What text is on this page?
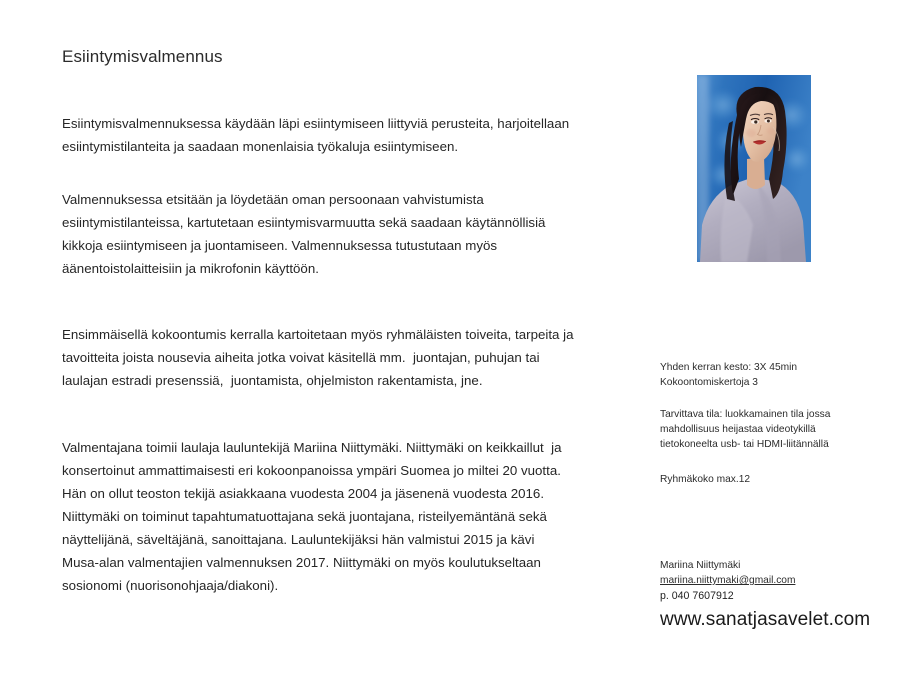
Esiintymisvalmennus
Esiintymisvalmennuksessa käydään läpi esiintymiseen liittyviä perusteita, harjoitellaan
esiintymistilanteita ja saadaan monenlaisia työkaluja esiintymiseen.
Valmennuksessa etsitään ja löydetään oman persoonaan vahvistumista
esiintymistilanteissa, kartutetaan esiintymisvarmuutta sekä saadaan käytännöllisiä
kikkoja esiintymiseen ja juontamiseen. Valmennuksessa tutustutaan myös
äänentoistolaitteisiin ja mikrofonin käyttöön.
Ensimmäisellä kokoontumis kerralla kartoitetaan myös ryhmäläisten toiveita, tarpeita ja
tavoitteita joista nousevia aiheita jotka voivat käsitellä mm.  juontajan, puhujan tai
laulajan estradi presenssiä,  juontamista, ohjelmiston rakentamista, jne.
Valmentajana toimii laulaja lauluntekijä Mariina Niittymäki. Niittymäki on keikkaillut  ja
konsertoinut ammattimaisesti eri kokoonpanoissa ympäri Suomea jo miltei 20 vuotta.
Hän on ollut teoston tekijä asiakkaana vuodesta 2004 ja jäsenenä vuodesta 2016.
Niittymäki on toiminut tapahtumatuottajana sekä juontajana, risteilyemäntänä sekä
näyttelijänä, säveltäjänä, sanoittajana. Lauluntekijäksi hän valmistui 2015 ja kävi
Musa-alan valmentajien valmennuksen 2017. Niittymäki on myös koulutukseltaan
sosionomi (nuorisonohjaaja/diakoni).
Yhden kerran kesto: 3X 45min
Kokoontomiskertoja 3
Tarvittava tila: luokkamainen tila jossa
mahdollisuus heijastaa videotykillä
tietokoneelta usb- tai HDMI-liitännällä
Ryhmäkoko max.12
Mariina Niittymäki
mariina.niittymaki@gmail.com
p. 040 7607912
www.sanatjasavelet.com
